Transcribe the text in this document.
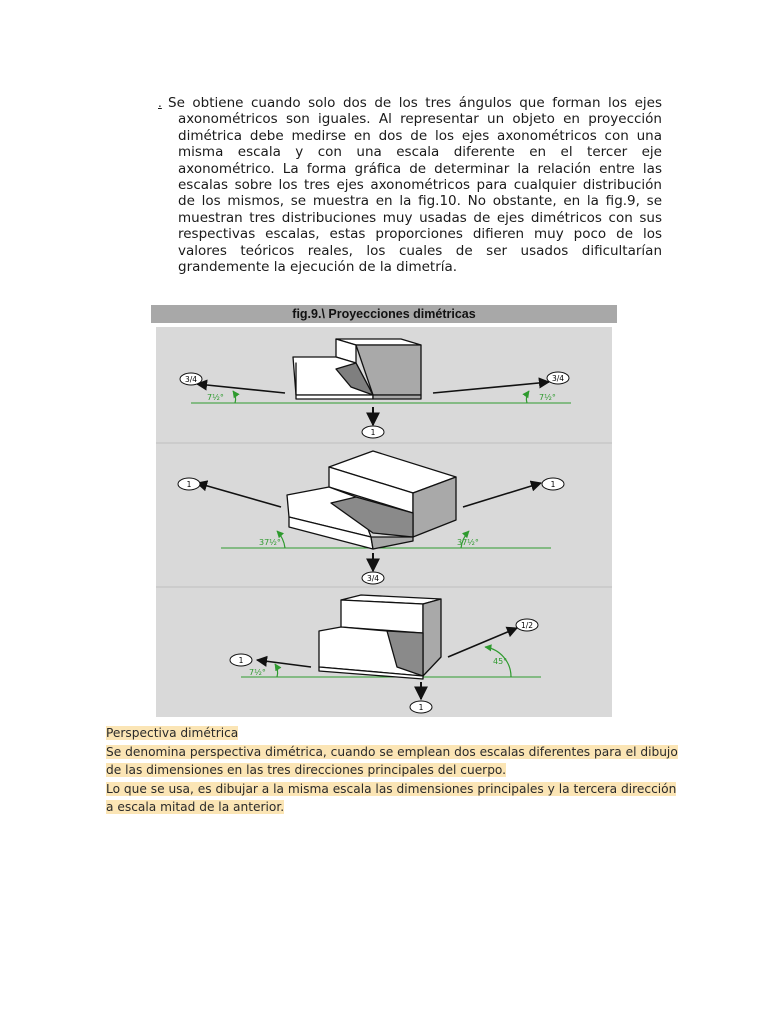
. Se obtiene cuando solo dos de los tres ángulos que forman los ejes
axonométricos son iguales. Al representar un objeto en proyección
dimétrica debe medirse en dos de los ejes axonométricos con una
misma escala y con una escala diferente en el tercer eje
axonométrico. La forma gráfica de determinar la relación entre las
escalas sobre los tres ejes axonométricos para cualquier distribución
de los mismos, se muestra en la fig.10. No obstante, en la fig.9, se
muestran tres distribuciones muy usadas de ejes dimétricos con sus
respectivas escalas, estas proporciones difieren muy poco de los
valores teóricos reales, los cuales de ser usados dificultarían
grandemente la ejecución de la dimetría.
fig.9.\ Proyecciones dimétricas
3/4	3/4
1
7½°	7½°
1	1
3/4
37½°	37½°
1
1/2
1
7½°
45°
Perspectiva dimétrica
Se denomina perspectiva dimétrica, cuando se emplean dos escalas diferentes para el dibujo
de las dimensiones en las tres direcciones principales del cuerpo.
Lo que se usa, es dibujar a la misma escala las dimensiones principales y la tercera dirección
a escala mitad de la anterior.
